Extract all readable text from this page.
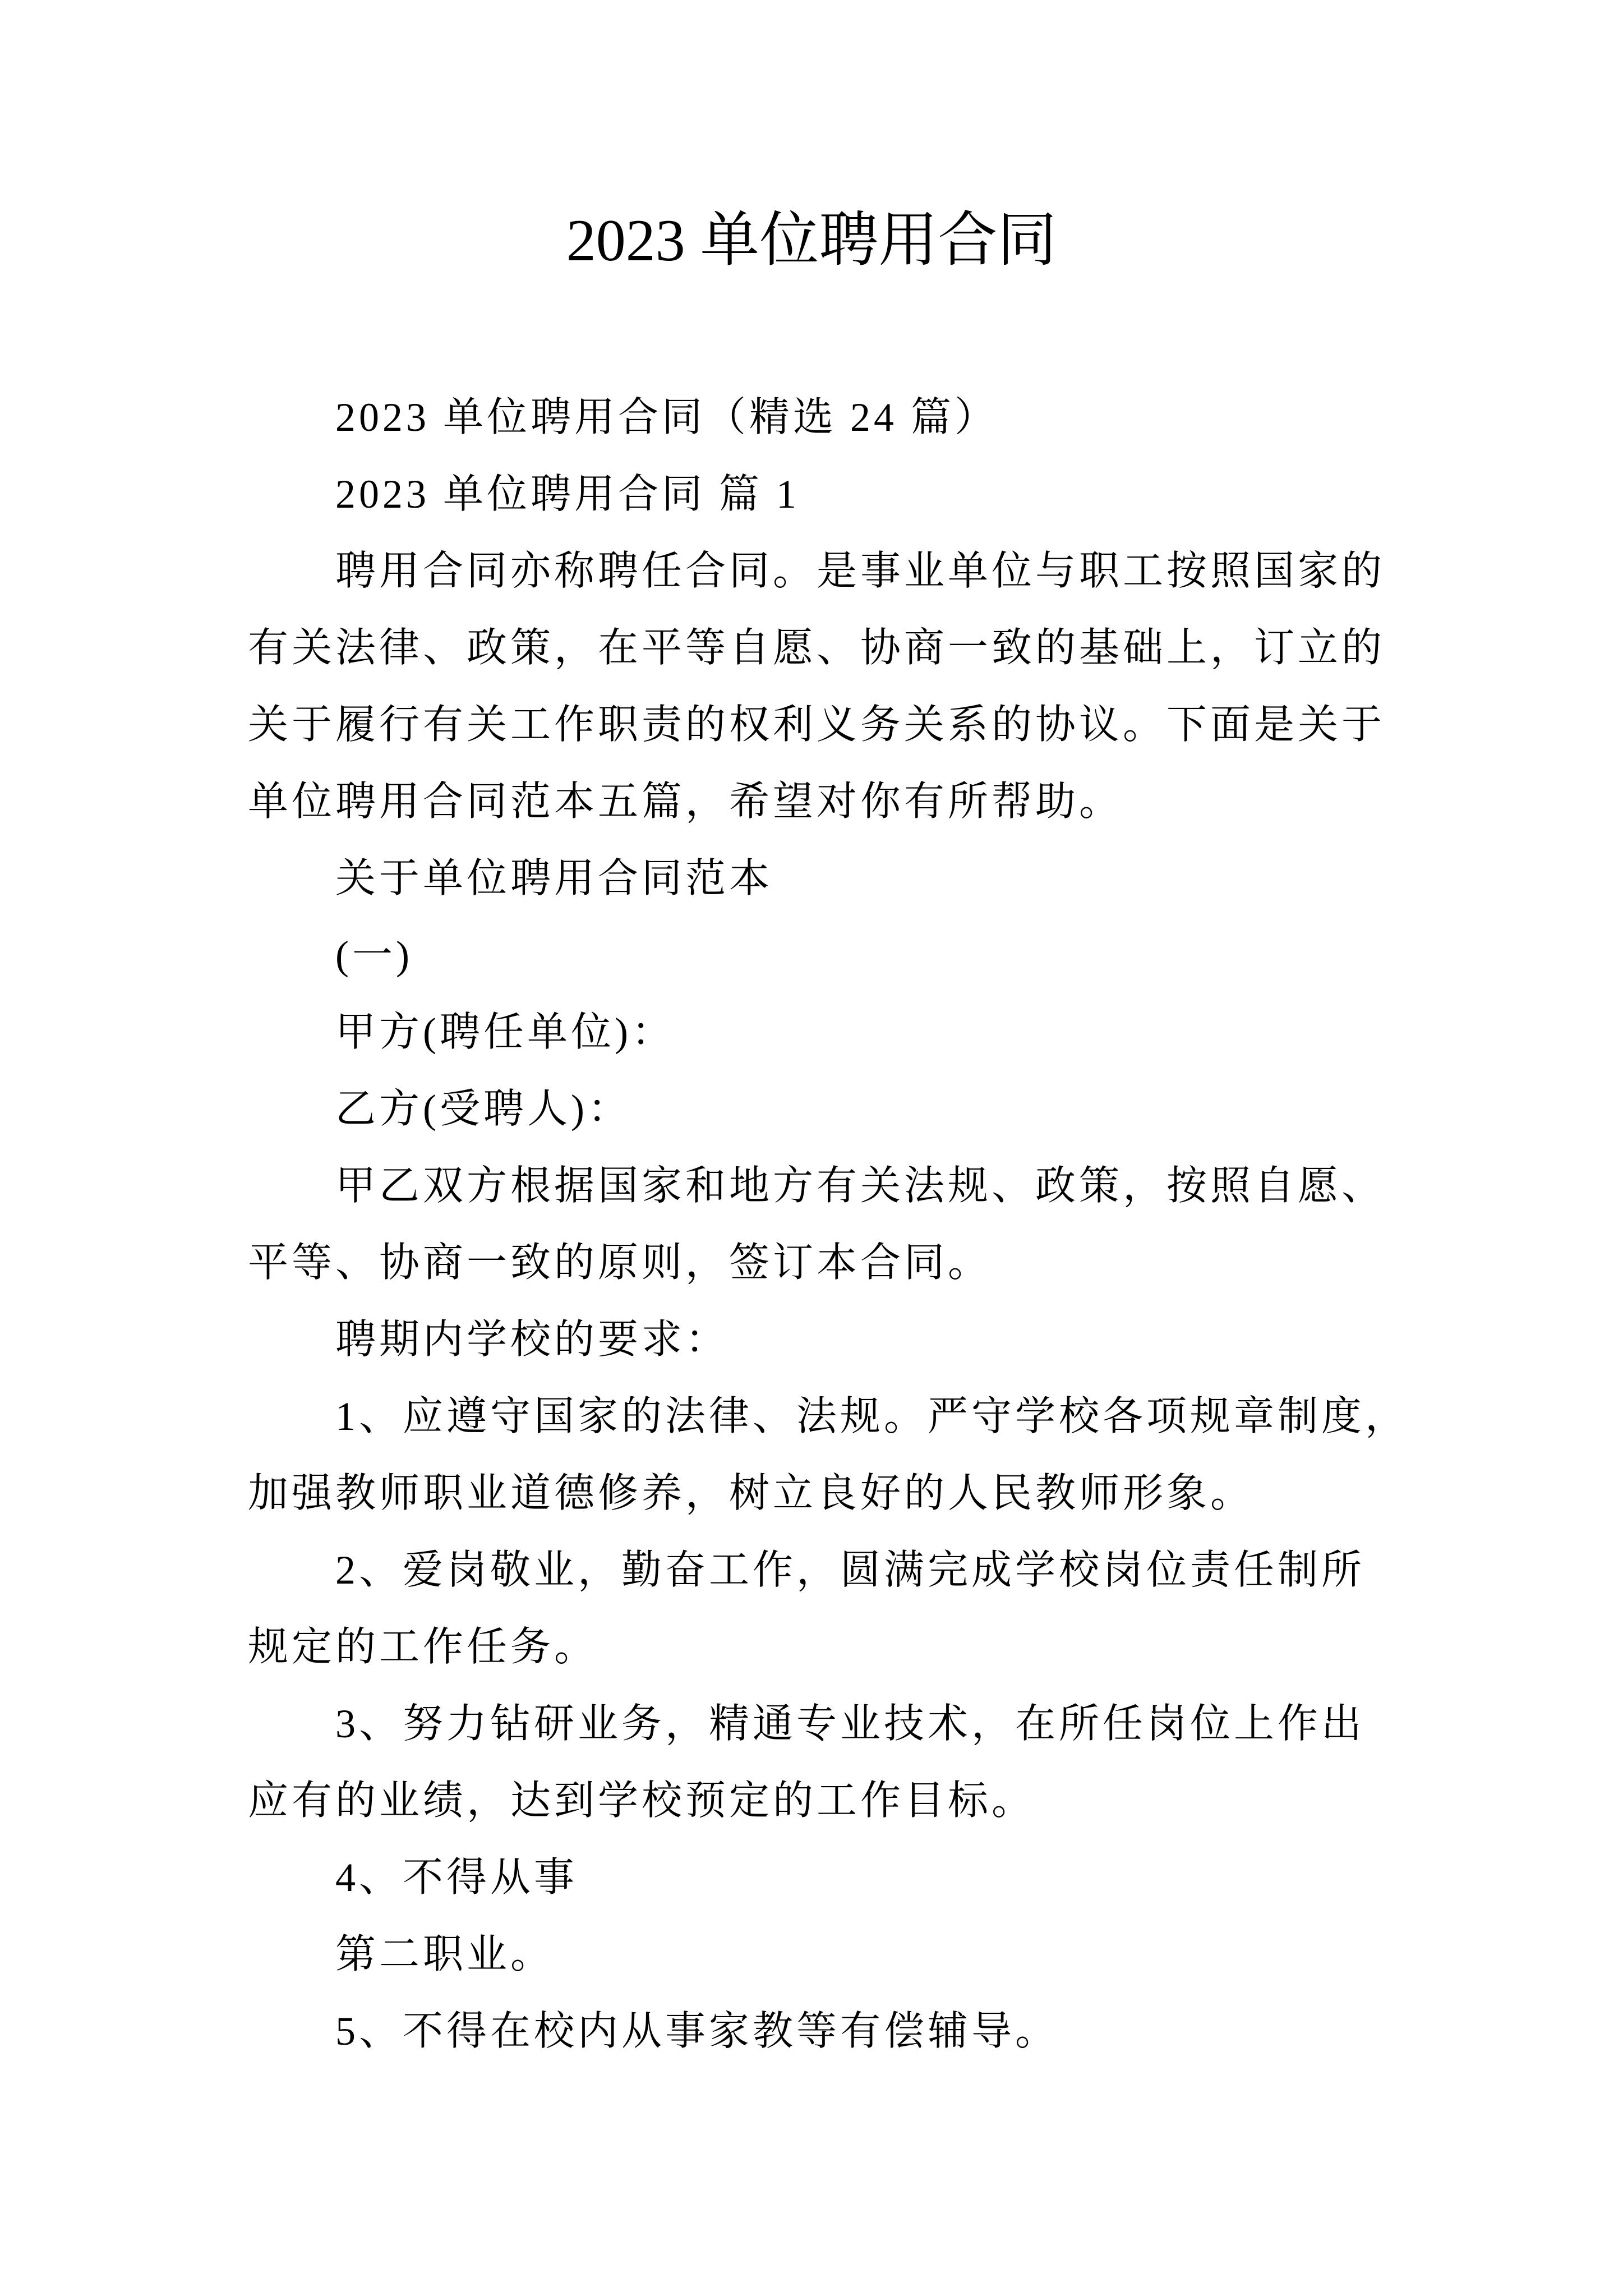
2023 单位聘用合同
2023 单位聘用合同（精选 24 篇）
2023 单位聘用合同 篇 1
聘用合同亦称聘任合同。是事业单位与职工按照国家的
有关法律、政策，在平等自愿、协商一致的基础上，订立的
关于履行有关工作职责的权利义务关系的协议。下面是关于
单位聘用合同范本五篇，希望对你有所帮助。
关于单位聘用合同范本
(一)
甲方(聘任单位)：
乙方(受聘人)：
甲乙双方根据国家和地方有关法规、政策，按照自愿、
平等、协商一致的原则，签订本合同。
聘期内学校的要求：
1、应遵守国家的法律、法规。严守学校各项规章制度，
加强教师职业道德修养，树立良好的人民教师形象。
2、爱岗敬业，勤奋工作，圆满完成学校岗位责任制所
规定的工作任务。
3、努力钻研业务，精通专业技术，在所任岗位上作出
应有的业绩，达到学校预定的工作目标。
4、不得从事
第二职业。
5、不得在校内从事家教等有偿辅导。
